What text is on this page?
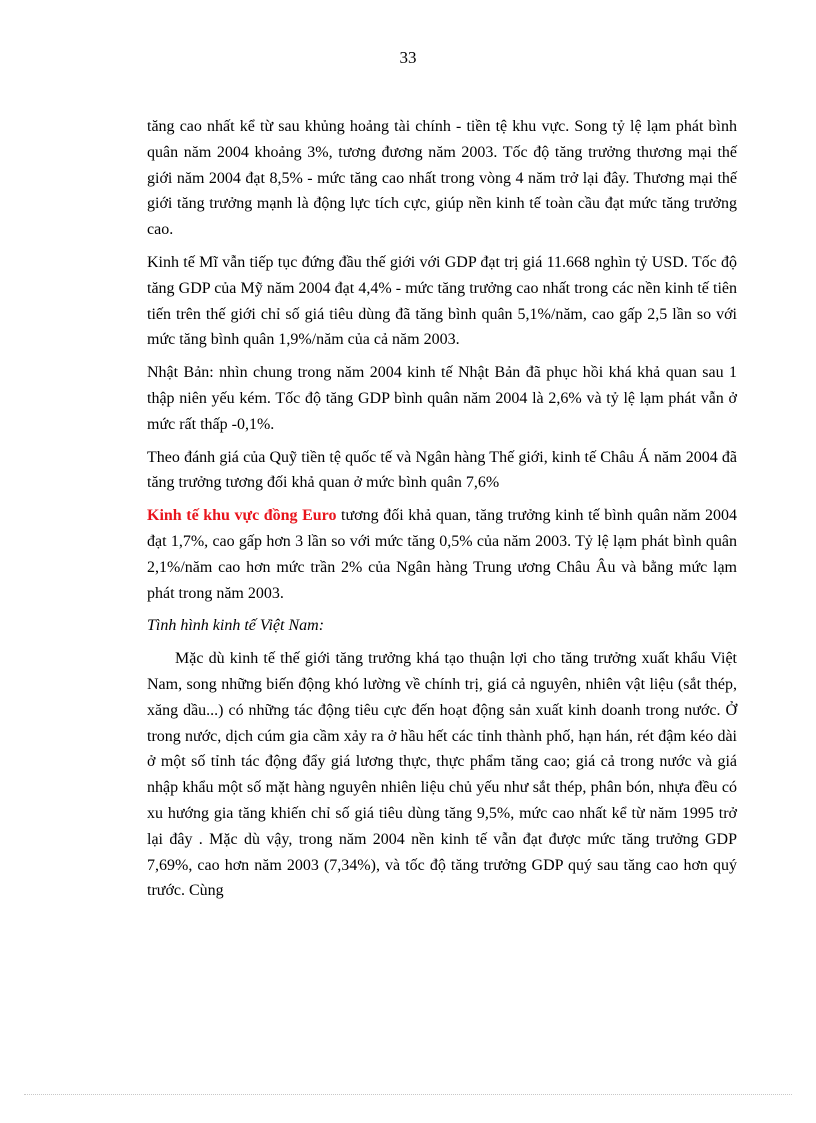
33

tăng cao nhất kể từ sau khủng hoảng tài chính - tiền tệ khu vực. Song tỷ lệ lạm phát bình quân năm 2004 khoảng 3%, tương đương năm 2003. Tốc độ tăng trưởng thương mại thế giới năm 2004 đạt 8,5% - mức tăng cao nhất trong vòng 4 năm trở lại đây. Thương mại thế giới tăng trưởng mạnh là động lực tích cực, giúp nền kinh tế toàn cầu đạt mức tăng trưởng cao.

Kinh tế Mĩ vẫn tiếp tục đứng đầu thế giới với GDP đạt trị giá 11.668 nghìn tỷ USD. Tốc độ tăng GDP của Mỹ năm 2004 đạt 4,4% - mức tăng trưởng cao nhất trong các nền kinh tế tiên tiến trên thế giới chỉ số giá tiêu dùng đã tăng bình quân 5,1%/năm, cao gấp 2,5 lần so với mức tăng bình quân 1,9%/năm của cả năm 2003.

Nhật Bản: nhìn chung trong năm 2004 kinh tế Nhật Bản đã phục hồi khá khả quan sau 1 thập niên yếu kém. Tốc độ tăng GDP bình quân năm 2004 là 2,6% và tỷ lệ lạm phát vẫn ở mức rất thấp -0,1%.

Theo đánh giá của Quỹ tiền tệ quốc tế và Ngân hàng Thế giới, kinh tế Châu Á năm 2004 đã tăng trưởng tương đối khả quan ở mức bình quân 7,6%

Kinh tế khu vực đồng Euro tương đối khả quan, tăng trưởng kinh tế bình quân năm 2004 đạt 1,7%, cao gấp hơn 3 lần so với mức tăng 0,5% của năm 2003. Tỷ lệ lạm phát bình quân 2,1%/năm cao hơn mức trần 2% của Ngân hàng Trung ương Châu Âu và bằng mức lạm phát trong năm 2003.

Tình hình kinh tế Việt Nam:

Mặc dù kinh tế thế giới tăng trưởng khá tạo thuận lợi cho tăng trưởng xuất khẩu Việt Nam, song những biến động khó lường về chính trị, giá cả nguyên, nhiên vật liệu (sắt thép, xăng dầu...) có những tác động tiêu cực đến hoạt động sản xuất kinh doanh trong nước. Ở trong nước, dịch cúm gia cầm xảy ra ở hầu hết các tỉnh thành phố, hạn hán, rét đậm kéo dài ở một số tỉnh tác động đẩy giá lương thực, thực phẩm tăng cao; giá cả trong nước và giá nhập khẩu một số mặt hàng nguyên nhiên liệu chủ yếu như sắt thép, phân bón, nhựa đều có xu hướng gia tăng khiến chỉ số giá tiêu dùng tăng 9,5%, mức cao nhất kể từ năm 1995 trở lại đây . Mặc dù vậy, trong năm 2004 nền kinh tế vẫn đạt được mức tăng trưởng GDP 7,69%, cao hơn năm 2003 (7,34%), và tốc độ tăng trưởng GDP quý sau tăng cao hơn quý trước. Cùng
